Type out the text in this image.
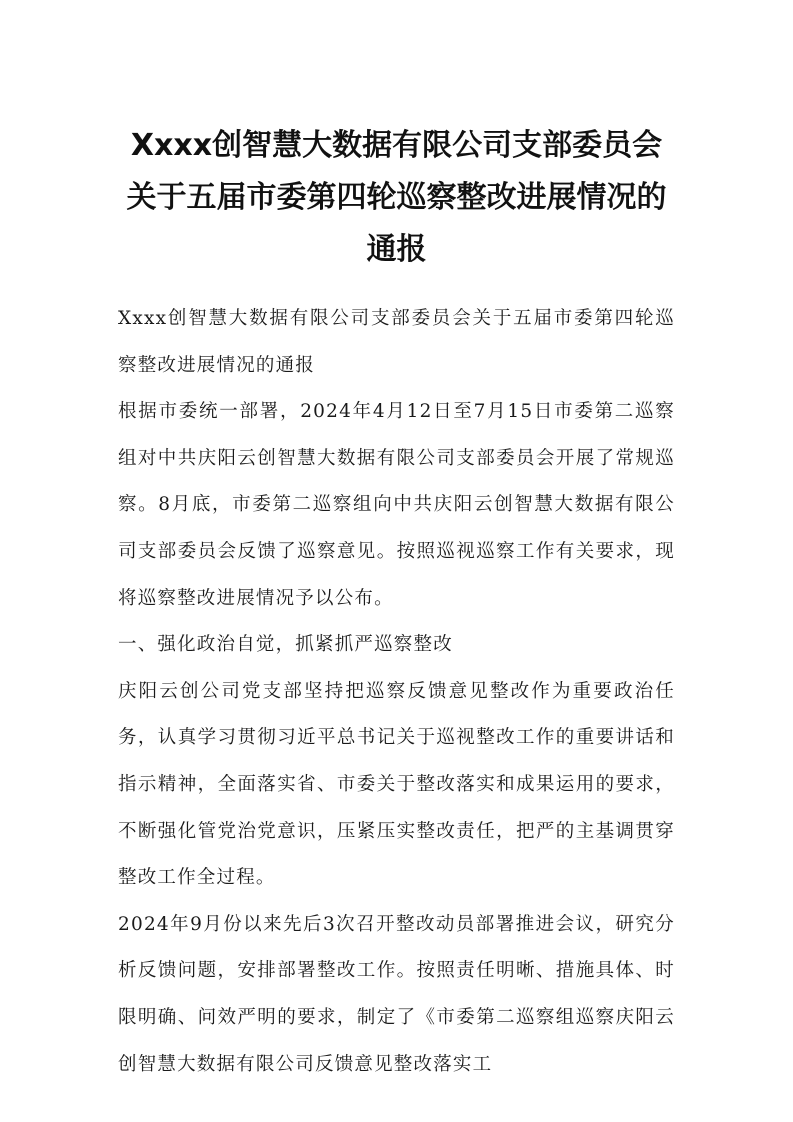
Xxxx创智慧大数据有限公司支部委员会关于五届市委第四轮巡察整改进展情况的通报

Xxxx创智慧大数据有限公司支部委员会关于五届市委第四轮巡察整改进展情况的通报

根据市委统一部署，2024年4月12日至7月15日市委第二巡察组对中共庆阳云创智慧大数据有限公司支部委员会开展了常规巡察。8月底，市委第二巡察组向中共庆阳云创智慧大数据有限公司支部委员会反馈了巡察意见。按照巡视巡察工作有关要求，现将巡察整改进展情况予以公布。

一、强化政治自觉，抓紧抓严巡察整改

庆阳云创公司党支部坚持把巡察反馈意见整改作为重要政治任务，认真学习贯彻习近平总书记关于巡视整改工作的重要讲话和指示精神，全面落实省、市委关于整改落实和成果运用的要求，不断强化管党治党意识，压紧压实整改责任，把严的主基调贯穿整改工作全过程。

2024年9月份以来先后3次召开整改动员部署推进会议，研究分析反馈问题，安排部署整改工作。按照责任明晰、措施具体、时限明确、问效严明的要求，制定了《市委第二巡察组巡察庆阳云创智慧大数据有限公司反馈意见整改落实工
